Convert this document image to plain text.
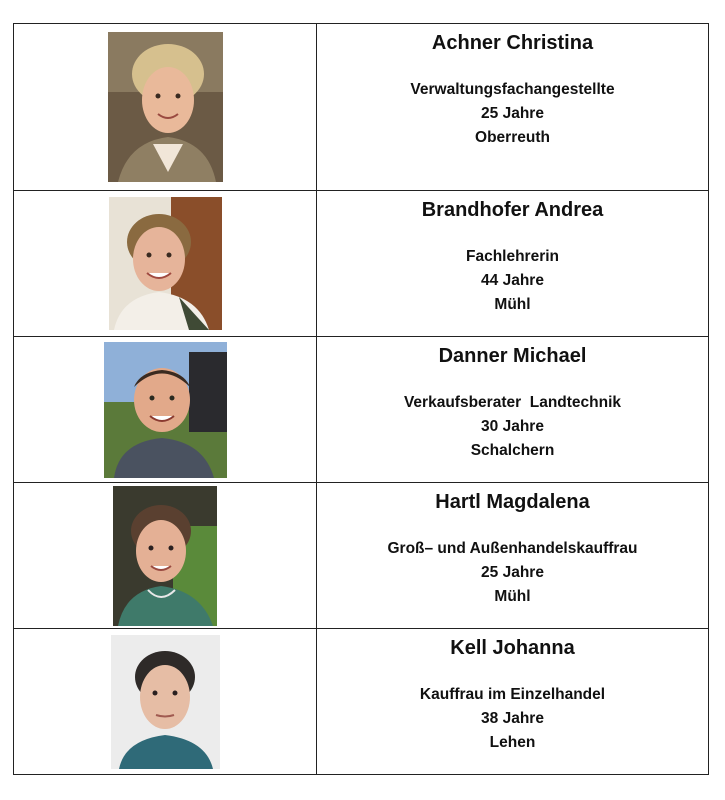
Achner Christina
Verwaltungsfachangestellte
25 Jahre
Oberreuth
Brandhofer Andrea
Fachlehrerin
44 Jahre
Mühl
Danner Michael
Verkaufsberater  Landtechnik
30 Jahre
Schalchern
Hartl Magdalena
Groß– und Außenhandelskauffrau
25 Jahre
Mühl
Kell Johanna
Kauffrau im Einzelhandel
38 Jahre
Lehen
